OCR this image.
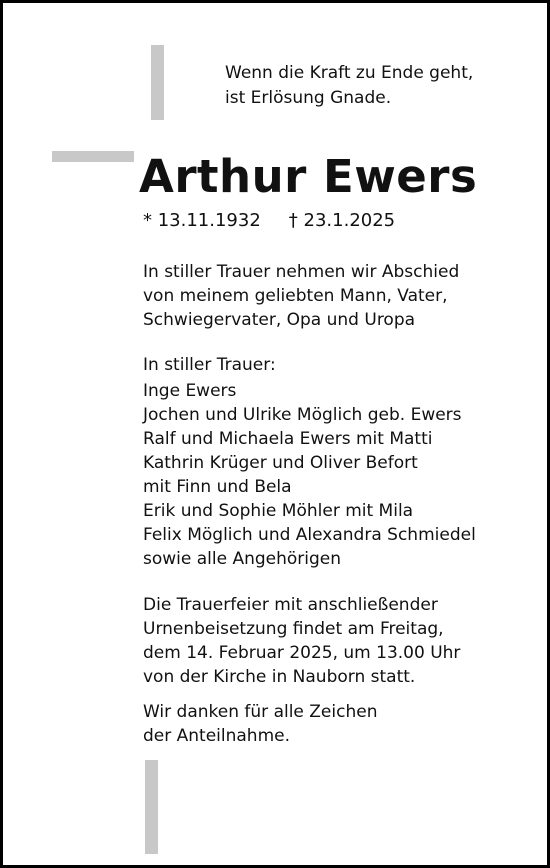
Wenn die Kraft zu Ende geht,
ist Erlösung Gnade.
Arthur Ewers
* 13.11.1932 † 23.1.2025
In stiller Trauer nehmen wir Abschied
von meinem geliebten Mann, Vater,
Schwiegervater, Opa und Uropa
In stiller Trauer:
Inge Ewers
Jochen und Ulrike Möglich geb. Ewers
Ralf und Michaela Ewers mit Matti
Kathrin Krüger und Oliver Befort
mit Finn und Bela
Erik und Sophie Möhler mit Mila
Felix Möglich und Alexandra Schmiedel
sowie alle Angehörigen
Die Trauerfeier mit anschließender
Urnenbeisetzung findet am Freitag,
dem 14. Februar 2025, um 13.00 Uhr
von der Kirche in Nauborn statt.
Wir danken für alle Zeichen
der Anteilnahme.
